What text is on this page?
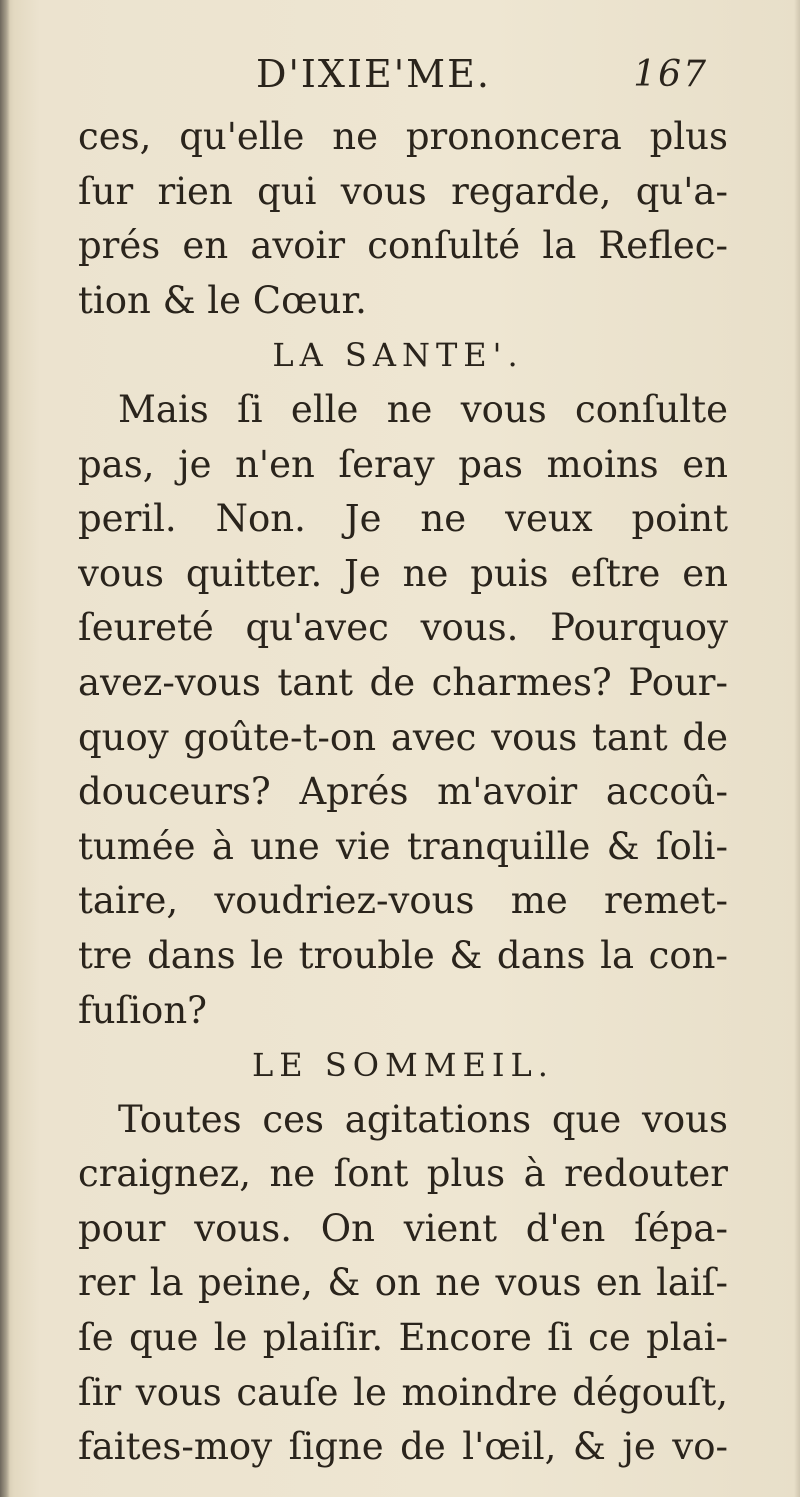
D'IXIE'ME.	167
ces, qu'elle ne prononcera plus
ſur rien qui vous regarde, qu'a-
prés en avoir conſulté la Reflec-
tion & le Cœur.
LA SANTE'.
Mais ſi elle ne vous conſulte
pas, je n'en ſeray pas moins en
peril. Non. Je ne veux point
vous quitter. Je ne puis eſtre en
ſeureté qu'avec vous. Pourquoy
avez-vous tant de charmes? Pour-
quoy goûte-t-on avec vous tant de
douceurs? Aprés m'avoir accoû-
tumée à une vie tranquille & ſoli-
taire, voudriez-vous me remet-
tre dans le trouble & dans la con-
fuſion?
LE SOMMEIL.
Toutes ces agitations que vous
craignez, ne ſont plus à redouter
pour vous. On vient d'en ſépa-
rer la peine, & on ne vous en laiſ-
ſe que le plaiſir. Encore ſi ce plai-
ſir vous cauſe le moindre dégouſt,
faites-moy ſigne de l'œil, & je vo-
